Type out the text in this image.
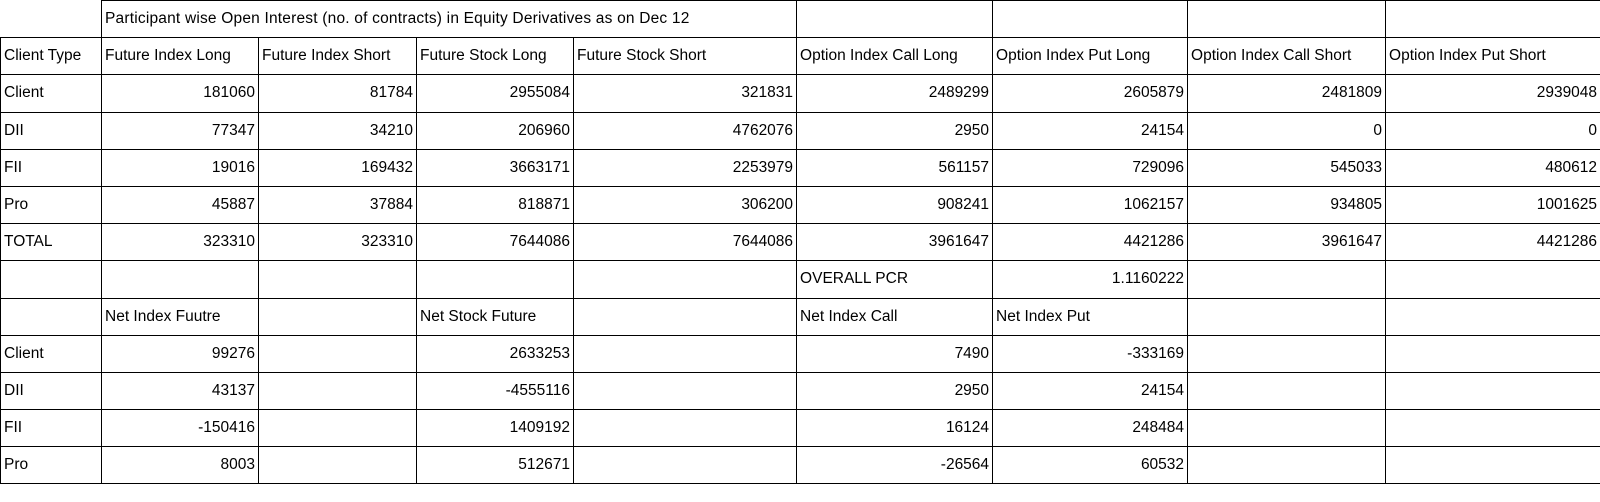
	Participant wise Open Interest (no. of contracts) in Equity Derivatives as on Dec 12							
Client Type	Future Index Long	Future Index Short	Future Stock Long	Future Stock Short	Option Index Call Long	Option Index Put Long	Option Index Call Short	Option Index Put Short
Client	181060	81784	2955084	321831	2489299	2605879	2481809	2939048
DII	77347	34210	206960	4762076	2950	24154	0	0
FII	19016	169432	3663171	2253979	561157	729096	545033	480612
Pro	45887	37884	818871	306200	908241	1062157	934805	1001625
TOTAL	323310	323310	7644086	7644086	3961647	4421286	3961647	4421286
					OVERALL PCR	1.1160222		
	Net Index Fuutre		Net Stock Future		Net Index Call	Net Index Put		
Client	99276		2633253		7490	-333169		
DII	43137		-4555116		2950	24154		
FII	-150416		1409192		16124	248484		
Pro	8003		512671		-26564	60532		
